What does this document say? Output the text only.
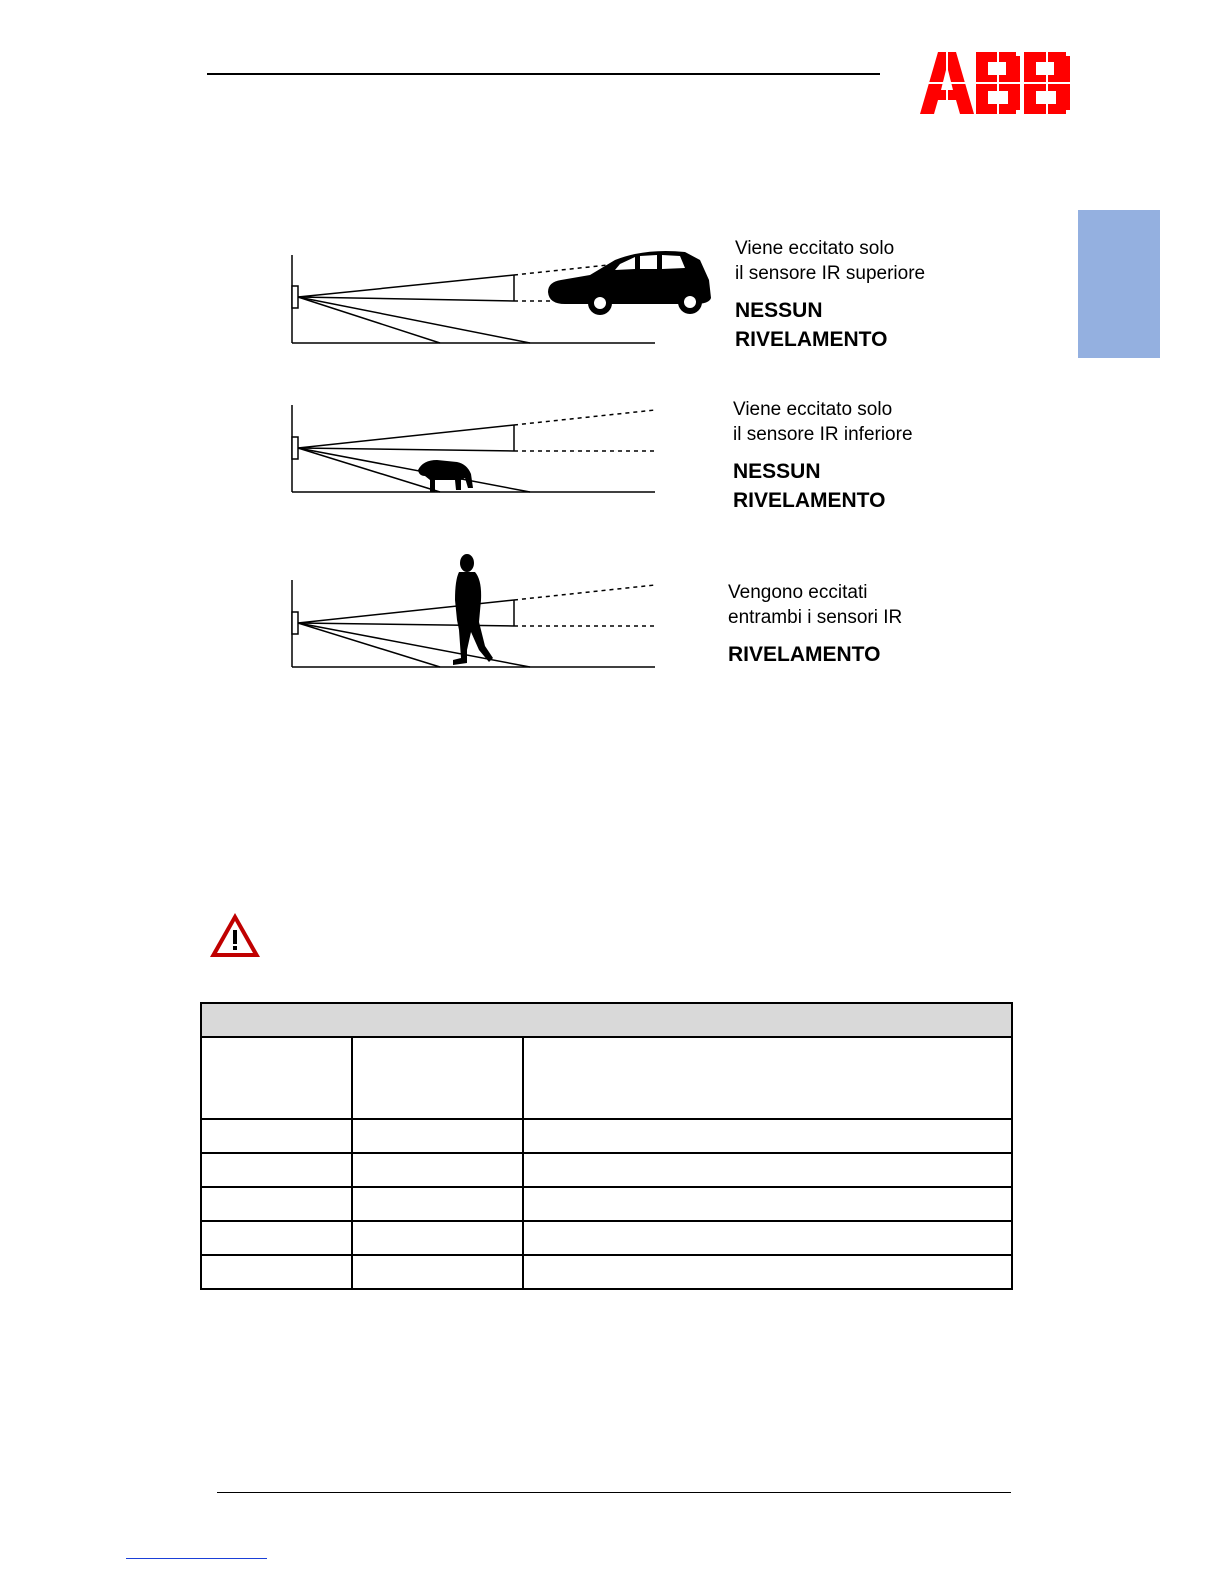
Viene eccitato solo
il sensore IR superiore
NESSUN RIVELAMENTO
Viene eccitato solo
il sensore IR inferiore
NESSUN RIVELAMENTO
Vengono eccitati
entrambi i sensori IR
RIVELAMENTO
